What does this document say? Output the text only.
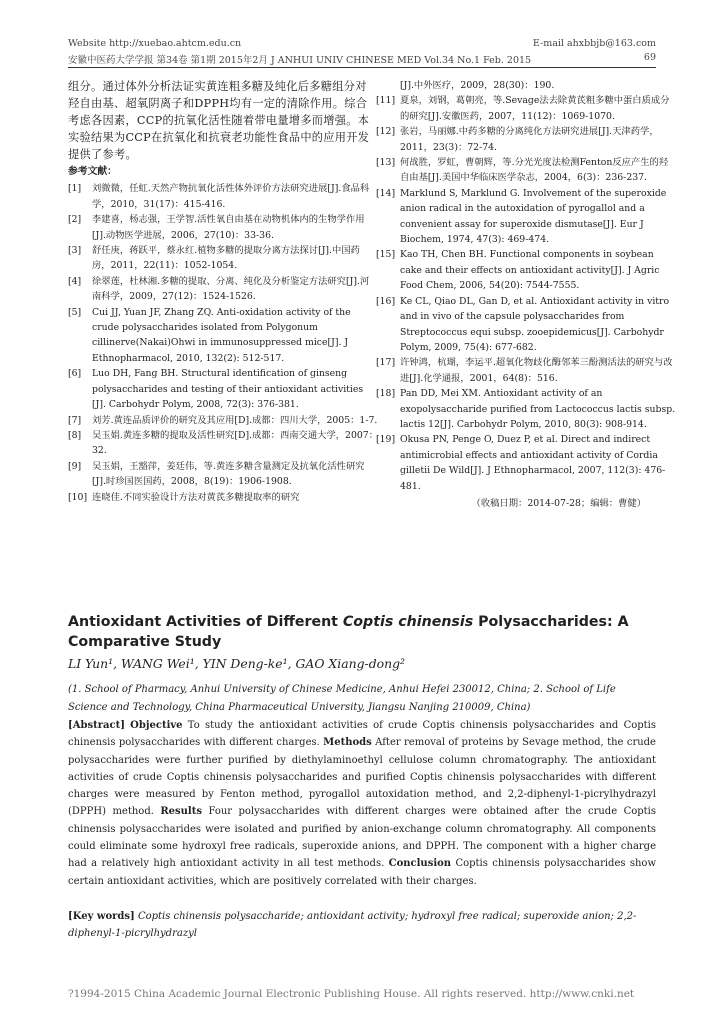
Website http://xuebao.ahtcm.edu.cn	E-mail ahxbbjb@163.com
安徽中医药大学学报 第34卷 第1期 2015年2月 J ANHUI UNIV CHINESE MED Vol.34 No.1 Feb. 2015	69
组分。通过体外分析法证实黄连粗多糖及纯化后多糖组分对羟自由基、超氧阴离子和DPPH均有一定的清除作用。综合考虑各因素，CCP的抗氧化活性随着带电量增多而增强。本实验结果为CCP在抗氧化和抗衰老功能性食品中的应用开发提供了参考。
参考文献：
[1]	刘微微，任虹.天然产物抗氧化活性体外评价方法研究进展[J].食品科学，2010，31(17)：415-416.
[2]	李建喜，杨志强，王学智.活性氧自由基在动物机体内的生物学作用[J].动物医学进展，2006，27(10)：33-36.
[3]	舒任庚，蒋跃平，蔡永红.植物多糖的提取分离方法探讨[J].中国药房，2011，22(11)：1052-1054.
[4]	徐翠莲，杜林湘.多糖的提取、分离、纯化及分析鉴定方法研究[J].河南科学，2009，27(12)：1524-1526.
[5]	Cui JJ, Yuan JF, Zhang ZQ. Anti-oxidation activity of the crude polysaccharides isolated from Polygonum cillinerve(Nakai)Ohwi in immunosuppressed mice[J]. J Ethnopharmacol, 2010, 132(2): 512-517.
[6]	Luo DH, Fang BH. Structural identification of ginseng polysaccharides and testing of their antioxidant activities [J]. Carbohydr Polym, 2008, 72(3): 376-381.
[7]	刘芳.黄连品质评价的研究及其应用[D].成都：四川大学，2005：1-7.
[8]	吴玉娟.黄连多糖的提取及活性研究[D].成都：西南交通大学，2007：32.
[9]	吴玉娟，王豁萍，姜廷伟，等.黄连多糖含量测定及抗氧化活性研究[J].时珍国医国药，2008，8(19)：1906-1908.
[10] 连晓佳.不同实验设计方法对黄芪多糖提取率的研究
[J].中外医疗，2009，28(30)：190.
[11] 夏泉，刘钢，葛朝亮，等.Sevage法去除黄芪粗多糖中蛋白质成分的研究[J].安徽医药，2007，11(12)：1069-1070.
[12] 张岩，马丽娜.中药多糖的分离纯化方法研究进展[J].天津药学，2011，23(3)：72-74.
[13] 何战胜，罗虹，曹朝辉，等.分光光度法检测Fenton反应产生的羟自由基[J].美国中华临床医学杂志，2004，6(3)：236-237.
[14] Marklund S, Marklund G. Involvement of the superoxide anion radical in the autoxidation of pyrogallol and a convenient assay for superoxide dismutase[J]. Eur J Biochem, 1974, 47(3): 469-474.
[15] Kao TH, Chen BH. Functional components in soybean cake and their effects on antioxidant activity[J]. J Agric Food Chem, 2006, 54(20): 7544-7555.
[16] Ke CL, Qiao DL, Gan D, et al. Antioxidant activity in vitro and in vivo of the capsule polysaccharides from Streptococcus equi subsp. zooepidemicus[J]. Carbohydr Polym, 2009, 75(4): 677-682.
[17] 许钟鸿，杭瑚，李运平.超氧化物歧化酶邻苯三酚测活法的研究与改进[J].化学通报，2001，64(8)：516.
[18] Pan DD, Mei XM. Antioxidant activity of an exopolysaccharide purified from Lactococcus lactis subsp. lactis 12[J]. Carbohydr Polym, 2010, 80(3): 908-914.
[19] Okusa PN, Penge O, Duez P, et al. Direct and indirect antimicrobial effects and antioxidant activity of Cordia gilletii De Wild[J]. J Ethnopharmacol, 2007, 112(3): 476-481.
（收稿日期：2014-07-28；编辑：曹健）
Antioxidant Activities of Different Coptis chinensis Polysaccharides: A Comparative Study
LI Yun¹, WANG Wei¹, YIN Deng-ke¹, GAO Xiang-dong²
(1. School of Pharmacy, Anhui University of Chinese Medicine, Anhui Hefei 230012, China; 2. School of Life Science and Technology, China Pharmaceutical University, Jiangsu Nanjing 210009, China)
[Abstract] Objective To study the antioxidant activities of crude Coptis chinensis polysaccharides and Coptis chinensis polysaccharides with different charges. Methods After removal of proteins by Sevage method, the crude polysaccharides were further purified by diethylaminoethyl cellulose column chromatography. The antioxidant activities of crude Coptis chinensis polysaccharides and purified Coptis chinensis polysaccharides with different charges were measured by Fenton method, pyrogallol autoxidation method, and 2,2-diphenyl-1-picrylhydrazyl (DPPH) method. Results Four polysaccharides with different charges were obtained after the crude Coptis chinensis polysaccharides were isolated and purified by anion-exchange column chromatography. All components could eliminate some hydroxyl free radicals, superoxide anions, and DPPH. The component with a higher charge had a relatively high antioxidant activity in all test methods. Conclusion Coptis chinensis polysaccharides show certain antioxidant activities, which are positively correlated with their charges.
[Key words] Coptis chinensis polysaccharide; antioxidant activity; hydroxyl free radical; superoxide anion; 2,2-diphenyl-1-picrylhydrazyl
?1994-2015 China Academic Journal Electronic Publishing House. All rights reserved. http://www.cnki.net
